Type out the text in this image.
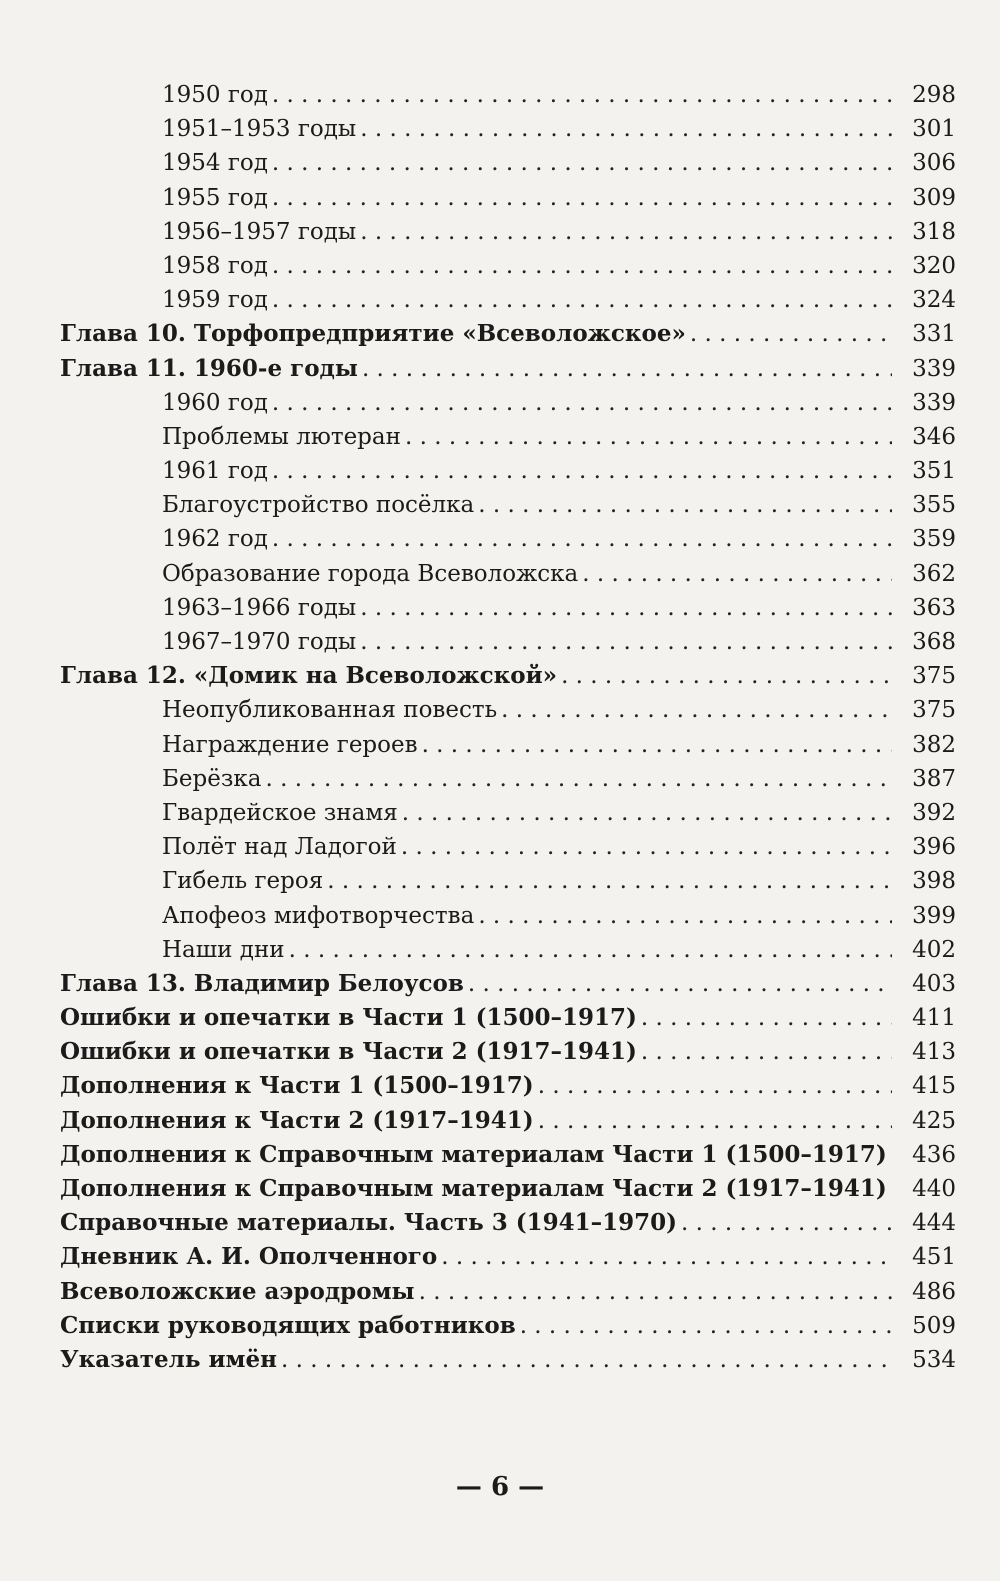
1950 год . . .	298
1951–1953 годы . . .	301
1954 год . . .	306
1955 год . . .	309
1956–1957 годы . . .	318
1958 год . . .	320
1959 год . . .	324
Глава 10. Торфопредприятие «Всеволожское» . . .	331
Глава 11. 1960-е годы . . .	339
1960 год . . .	339
Проблемы лютеран . . .	346
1961 год . . .	351
Благоустройство посёлка . . .	355
1962 год . . .	359
Образование города Всеволожска . . .	362
1963–1966 годы . . .	363
1967–1970 годы . . .	368
Глава 12. «Домик на Всеволожской» . . .	375
Неопубликованная повесть . . .	375
Награждение героев . . .	382
Берёзка . . .	387
Гвардейское знамя . . .	392
Полёт над Ладогой . . .	396
Гибель героя . . .	398
Апофеоз мифотворчества . . .	399
Наши дни . . .	402
Глава 13. Владимир Белоусов . . .	403
Ошибки и опечатки в Части 1 (1500–1917) . . .	411
Ошибки и опечатки в Части 2 (1917–1941) . . .	413
Дополнения к Части 1 (1500–1917) . . .	415
Дополнения к Части 2 (1917–1941) . . .	425
Дополнения к Справочным материалам Части 1 (1500–1917) . . .	436
Дополнения к Справочным материалам Части 2 (1917–1941) . . .	440
Справочные материалы. Часть 3 (1941–1970) . . .	444
Дневник А. И. Ополченного . . .	451
Всеволожские аэродромы . . .	486
Списки руководящих работников . . .	509
Указатель имён . . .	534
— 6 —
